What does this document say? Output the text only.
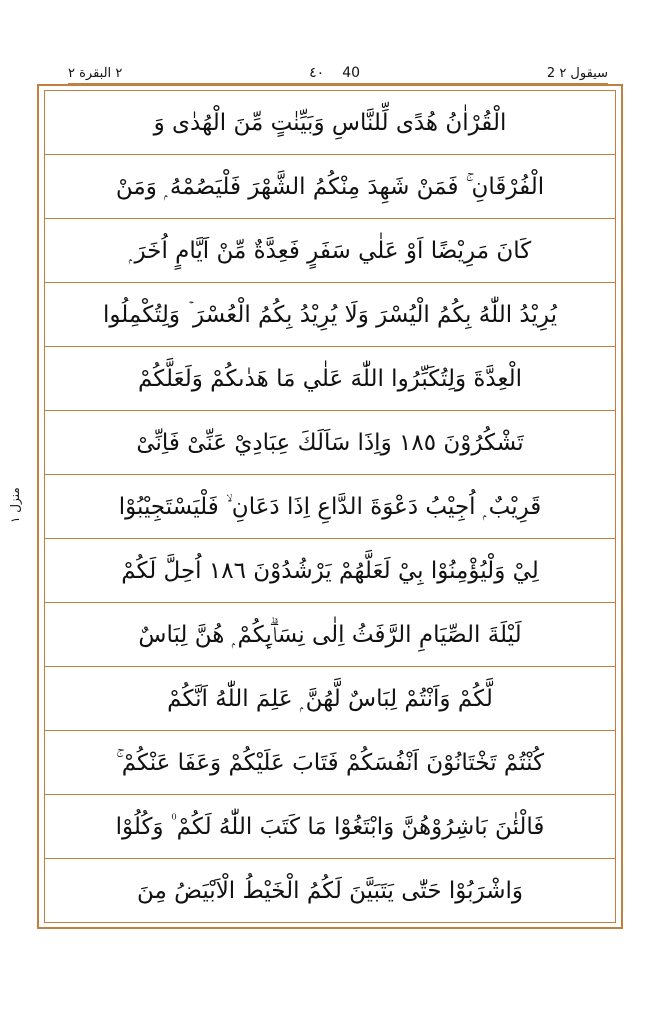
٢ البقرة ٢	٤٠ 40	سیقول ٢ 2
منزل ١
الْقُرْاٰنُ هُدًى لِّلنَّاسِ وَبَيِّنٰتٍ مِّنَ الْهُدٰى وَ
الْفُرْقَانِ ۚ فَمَنْ شَهِدَ مِنْكُمُ الشَّهْرَ فَلْيَصُمْهُ ۭ وَمَنْ
كَانَ مَرِيْضًا اَوْ عَلٰي سَفَرٍ فَعِدَّةٌ مِّنْ اَيَّامٍ اُخَرَ ۭ
يُرِيْدُ اللّٰهُ بِكُمُ الْيُسْرَ وَلَا يُرِيْدُ بِكُمُ الْعُسْرَ ۡ وَلِتُكْمِلُوا
الْعِدَّةَ وَلِتُكَبِّرُوا اللّٰهَ عَلٰي مَا هَدٰىكُمْ وَلَعَلَّكُمْ
تَشْكُرُوْنَ ١٨٥ وَاِذَا سَاَلَكَ عِبَادِيْ عَنِّىْ فَاِنِّىْ
قَرِيْبٌ ۭ اُجِيْبُ دَعْوَةَ الدَّاعِ اِذَا دَعَانِ ۙ فَلْيَسْتَجِيْبُوْا
لِيْ وَلْيُؤْمِنُوْا بِيْ لَعَلَّهُمْ يَرْشُدُوْنَ ١٨٦ اُحِلَّ لَكُمْ
لَيْلَةَ الصِّيَامِ الرَّفَثُ اِلٰى نِسَاۗىِٕكُمْ ۭ هُنَّ لِبَاسٌ
لَّكُمْ وَاَنْتُمْ لِبَاسٌ لَّهُنَّ ۭ عَلِمَ اللّٰهُ اَنَّكُمْ
كُنْتُمْ تَخْتَانُوْنَ اَنْفُسَكُمْ فَتَابَ عَلَيْكُمْ وَعَفَا عَنْكُمْ ۚ
فَالْئٰنَ بَاشِرُوْهُنَّ وَابْتَغُوْا مَا كَتَبَ اللّٰهُ لَكُمْ ۠ وَكُلُوْا
وَاشْرَبُوْا حَتّٰى يَتَبَيَّنَ لَكُمُ الْخَيْطُ الْاَبْيَضُ مِنَ
